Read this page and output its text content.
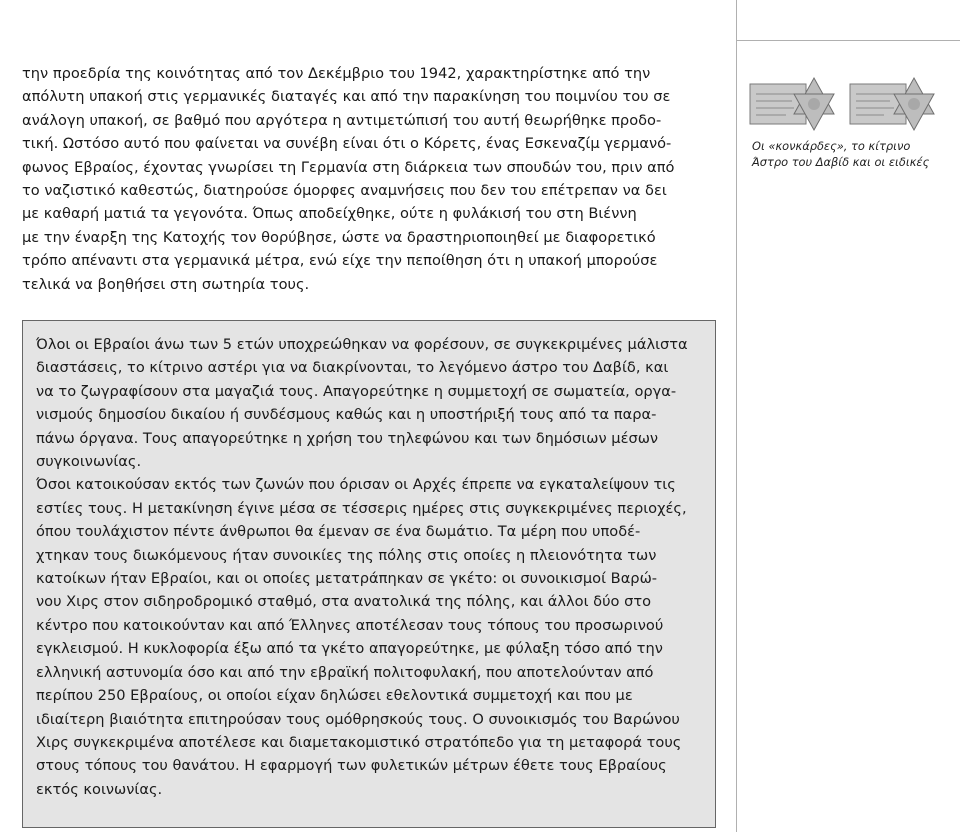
την προεδρία της κοινότητας από τον Δεκέμβριο του 1942, χαρακτηρίστηκε από την
απόλυτη υπακοή στις γερμανικές διαταγές και από την παρακίνηση του ποιμνίου του σε
ανάλογη υπακοή, σε βαθμό που αργότερα η αντιμετώπισή του αυτή θεωρήθηκε προδο-
τική. Ωστόσο αυτό που φαίνεται να συνέβη είναι ότι ο Κόρετς, ένας Εσκεναζίμ γερμανό-
φωνος Εβραίος, έχοντας γνωρίσει τη Γερμανία στη διάρκεια των σπουδών του, πριν από
το ναζιστικό καθεστώς, διατηρούσε όμορφες αναμνήσεις που δεν του επέτρεπαν να δει
με καθαρή ματιά τα γεγονότα. Όπως αποδείχθηκε, ούτε η φυλάκισή του στη Βιέννη
με την έναρξη της Κατοχής τον θορύβησε, ώστε να δραστηριοποιηθεί με διαφορετικό
τρόπο απέναντι στα γερμανικά μέτρα, ενώ είχε την πεποίθηση ότι η υπακοή μπορούσε
τελικά να βοηθήσει στη σωτηρία τους.
Όλοι οι Εβραίοι άνω των 5 ετών υποχρεώθηκαν να φορέσουν, σε συγκεκριμένες μάλιστα
διαστάσεις, το κίτρινο αστέρι για να διακρίνονται, το λεγόμενο άστρο του Δαβίδ, και
να το ζωγραφίσουν στα μαγαζιά τους. Απαγορεύτηκε η συμμετοχή σε σωματεία, οργα-
νισμούς δημοσίου δικαίου ή συνδέσμους καθώς και η υποστήριξή τους από τα παρα-
πάνω όργανα. Τους απαγορεύτηκε η χρήση του τηλεφώνου και των δημόσιων μέσων
συγκοινωνίας.
Όσοι κατοικούσαν εκτός των ζωνών που όρισαν οι Αρχές έπρεπε να εγκαταλείψουν τις
εστίες τους. Η μετακίνηση έγινε μέσα σε τέσσερις ημέρες στις συγκεκριμένες περιοχές,
όπου τουλάχιστον πέντε άνθρωποι θα έμεναν σε ένα δωμάτιο. Τα μέρη που υποδέ-
χτηκαν τους διωκόμενους ήταν συνοικίες της πόλης στις οποίες η πλειονότητα των
κατοίκων ήταν Εβραίοι, και οι οποίες μετατράπηκαν σε γκέτο: οι συνοικισμοί Βαρώ-
νου Χιρς στον σιδηροδρομικό σταθμό, στα ανατολικά της πόλης, και άλλοι δύο στο
κέντρο που κατοικούνταν και από Έλληνες αποτέλεσαν τους τόπους του προσωρινού
εγκλεισμού. Η κυκλοφορία έξω από τα γκέτο απαγορεύτηκε, με φύλαξη τόσο από την
ελληνική αστυνομία όσο και από την εβραϊκή πολιτοφυλακή, που αποτελούνταν από
περίπου 250 Εβραίους, οι οποίοι είχαν δηλώσει εθελοντικά συμμετοχή και που με
ιδιαίτερη βιαιότητα επιτηρούσαν τους ομόθρησκούς τους. Ο συνοικισμός του Βαρώνου
Χιρς συγκεκριμένα αποτέλεσε και διαμετακομιστικό στρατόπεδο για τη μεταφορά τους
στους τόπους του θανάτου. Η εφαρμογή των φυλετικών μέτρων έθετε τους Εβραίους
εκτός κοινωνίας.
Οι «κονκάρδες», το κίτρινο
Άστρο του Δαβίδ και οι ειδικές
